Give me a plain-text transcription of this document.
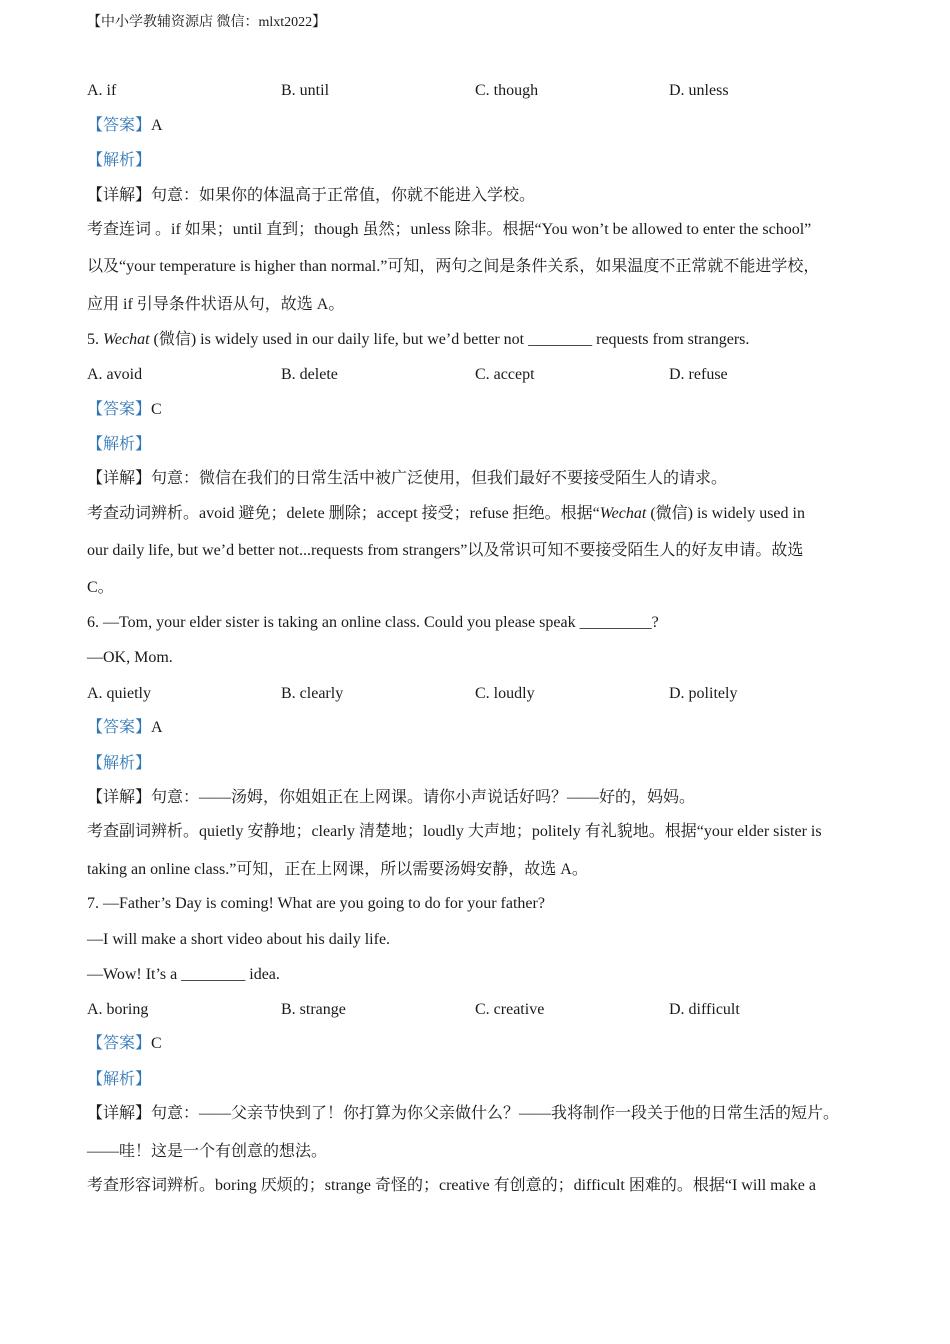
【中小学教辅资源店 微信：mlxt2022】
A. if	B. until	C. though	D. unless
【答案】A
【解析】
【详解】句意：如果你的体温高于正常值，你就不能进入学校。
考查连词 。if 如果；until 直到；though 虽然；unless 除非。根据“You won’t be allowed to enter the school”
以及“your temperature is higher than normal.”可知，两句之间是条件关系，如果温度不正常就不能进学校，
应用 if 引导条件状语从句，故选 A。
5. Wechat (微信) is widely used in our daily life, but we’d better not ________ requests from strangers.
A. avoid	B. delete	C. accept	D. refuse
【答案】C
【解析】
【详解】句意：微信在我们的日常生活中被广泛使用，但我们最好不要接受陌生人的请求。
考查动词辨析。avoid 避免；delete 删除；accept 接受；refuse 拒绝。根据“Wechat (微信) is widely used in
our daily life, but we’d better not...requests from strangers”以及常识可知不要接受陌生人的好友申请。故选
C。
6. —Tom, your elder sister is taking an online class. Could you please speak _________?
—OK, Mom.
A. quietly	B. clearly	C. loudly	D. politely
【答案】A
【解析】
【详解】句意：——汤姆，你姐姐正在上网课。请你小声说话好吗？——好的，妈妈。
考查副词辨析。quietly 安静地；clearly 清楚地；loudly 大声地；politely 有礼貌地。根据“your elder sister is
taking an online class.”可知，正在上网课，所以需要汤姆安静，故选 A。
7. —Father’s Day is coming! What are you going to do for your father?
—I will make a short video about his daily life.
—Wow! It’s a ________ idea.
A. boring	B. strange	C. creative	D. difficult
【答案】C
【解析】
【详解】句意：——父亲节快到了！你打算为你父亲做什么？——我将制作一段关于他的日常生活的短片。
——哇！这是一个有创意的想法。
考查形容词辨析。boring 厌烦的；strange 奇怪的；creative 有创意的；difficult 困难的。根据“I will make a
